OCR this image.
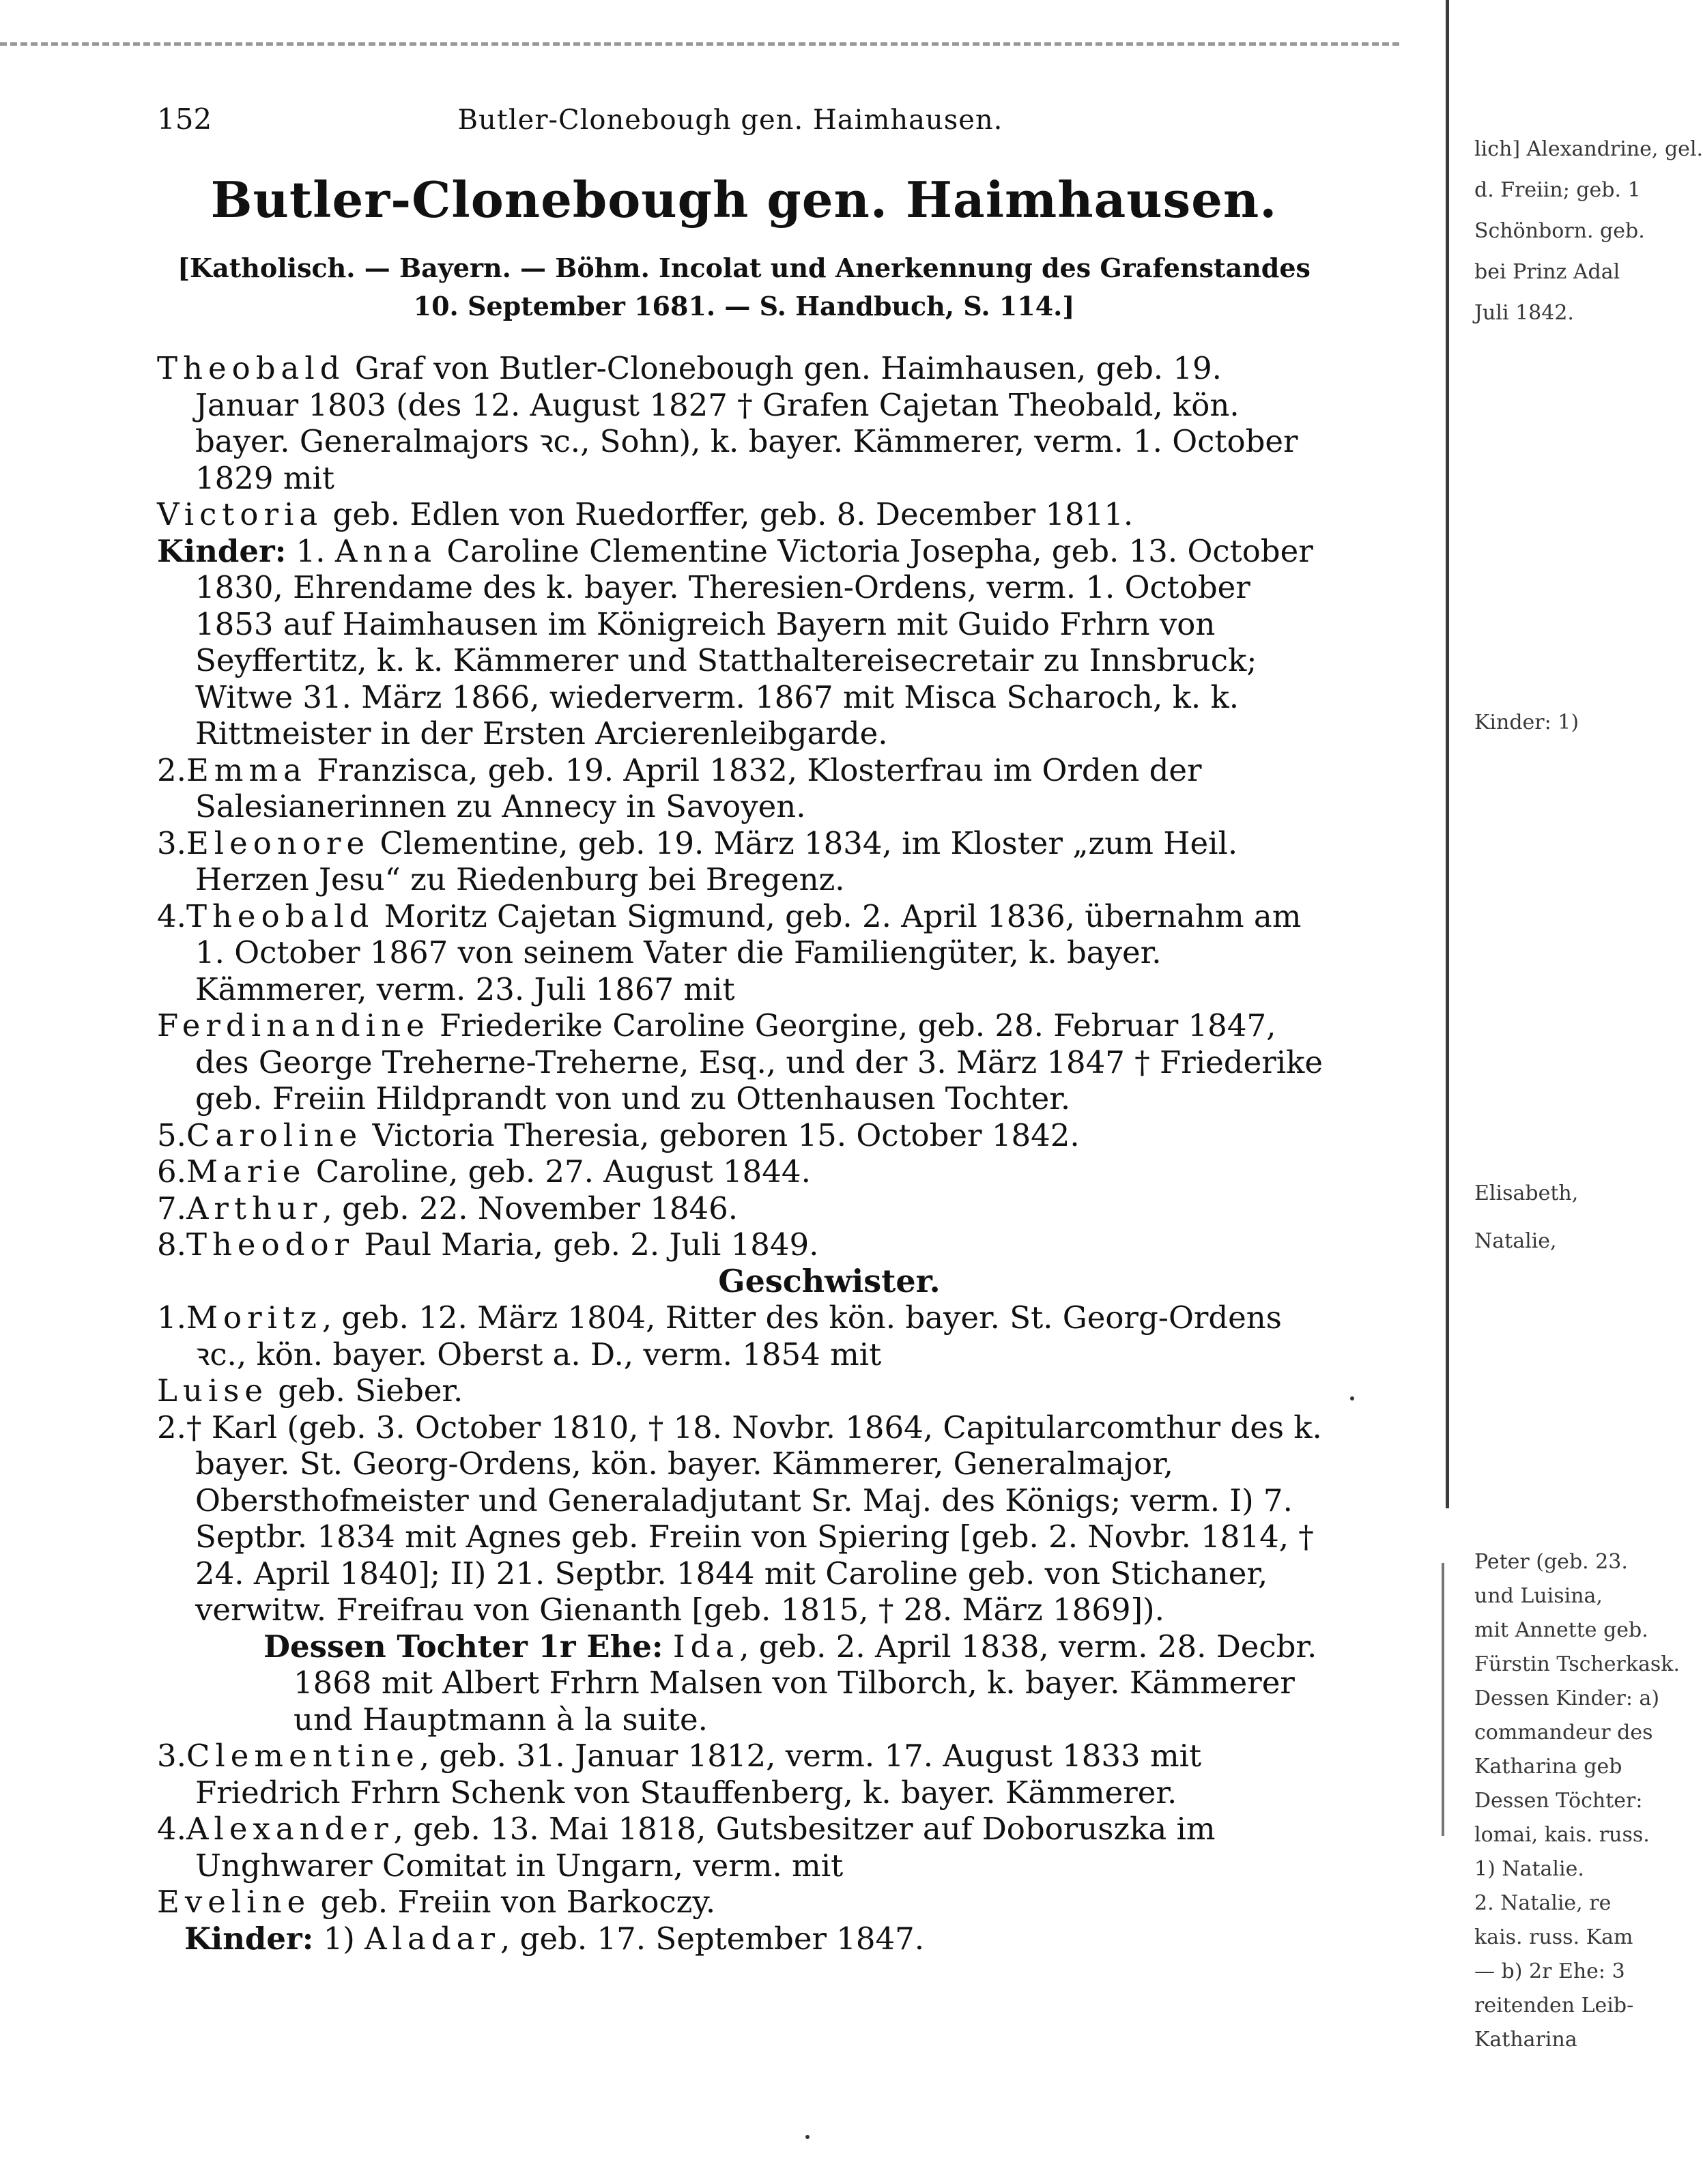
152	Butler-Clonebough gen. Haimhausen.
Butler-Clonebough gen. Haimhausen.
[Katholisch. — Bayern. — Böhm. Incolat und Anerkennung des Grafenstandes
10. September 1681. — S. Handbuch, S. 114.]

Theobald Graf von Butler-Clonebough gen. Haimhausen, geb. 19. Januar 1803 (des 12. August 1827 † Grafen Cajetan Theobald, kön. bayer. Generalmajors ꝛc., Sohn), k. bayer. Kämmerer, verm. 1. October 1829 mit

Victoria geb. Edlen von Ruedorffer, geb. 8. December 1811.

Kinder: 1. Anna Caroline Clementine Victoria Josepha, geb. 13. October 1830, Ehrendame des k. bayer. Theresien-Ordens, verm. 1. October 1853 auf Haimhausen im Königreich Bayern mit Guido Frhrn von Seyffertitz, k. k. Kämmerer und Statthaltereisecretair zu Innsbruck; Witwe 31. März 1866, wiederverm. 1867 mit Misca Scharoch, k. k. Rittmeister in der Ersten Arcierenleibgarde.

2.Emma Franzisca, geb. 19. April 1832, Klosterfrau im Orden der Salesianerinnen zu Annecy in Savoyen.

3.Eleonore Clementine, geb. 19. März 1834, im Kloster „zum Heil. Herzen Jesu“ zu Riedenburg bei Bregenz.

4.Theobald Moritz Cajetan Sigmund, geb. 2. April 1836, übernahm am 1. October 1867 von seinem Vater die Familiengüter, k. bayer. Kämmerer, verm. 23. Juli 1867 mit

Ferdinandine Friederike Caroline Georgine, geb. 28. Februar 1847, des George Treherne-Treherne, Esq., und der 3. März 1847 † Friederike geb. Freiin Hildprandt von und zu Ottenhausen Tochter.

5.Caroline Victoria Theresia, geboren 15. October 1842.

6.Marie Caroline, geb. 27. August 1844.

7.Arthur, geb. 22. November 1846.

8.Theodor Paul Maria, geb. 2. Juli 1849.

Geschwister.

1.Moritz, geb. 12. März 1804, Ritter des kön. bayer. St. Georg-Ordens ꝛc., kön. bayer. Oberst a. D., verm. 1854 mit

Luise geb. Sieber.

2.† Karl (geb. 3. October 1810, † 18. Novbr. 1864, Capitularcomthur des k. bayer. St. Georg-Ordens, kön. bayer. Kämmerer, Generalmajor, Obersthofmeister und Generaladjutant Sr. Maj. des Königs; verm. I) 7. Septbr. 1834 mit Agnes geb. Freiin von Spiering [geb. 2. Novbr. 1814, † 24. April 1840]; II) 21. Septbr. 1844 mit Caroline geb. von Stichaner, verwitw. Freifrau von Gienanth [geb. 1815, † 28. März 1869]).

Dessen Tochter 1r Ehe: Ida, geb. 2. April 1838, verm. 28. Decbr. 1868 mit Albert Frhrn Malsen von Tilborch, k. bayer. Kämmerer und Hauptmann à la suite.

3.Clementine, geb. 31. Januar 1812, verm. 17. August 1833 mit Friedrich Frhrn Schenk von Stauffenberg, k. bayer. Kämmerer.

4.Alexander, geb. 13. Mai 1818, Gutsbesitzer auf Doboruszka im Unghwarer Comitat in Ungarn, verm. mit

Eveline geb. Freiin von Barkoczy.

Kinder: 1) Aladar, geb. 17. September 1847.

lich] Alexandrine, gel.
d. Freiin; geb. 1
Schönborn. geb.
bei Prinz Adal
Juli 1842.
Kinder: 1)
Elisabeth,
Natalie,
Peter (geb. 23.
und Luisina,
mit Annette geb.
Fürstin Tscherkask.
Dessen Kinder: a)
commandeur des
Katharina geb
Dessen Töchter:
lomai, kais. russ.
1) Natalie.
2. Natalie, re
kais. russ. Kam
— b) 2r Ehe: 3
reitenden Leib-
Katharina
